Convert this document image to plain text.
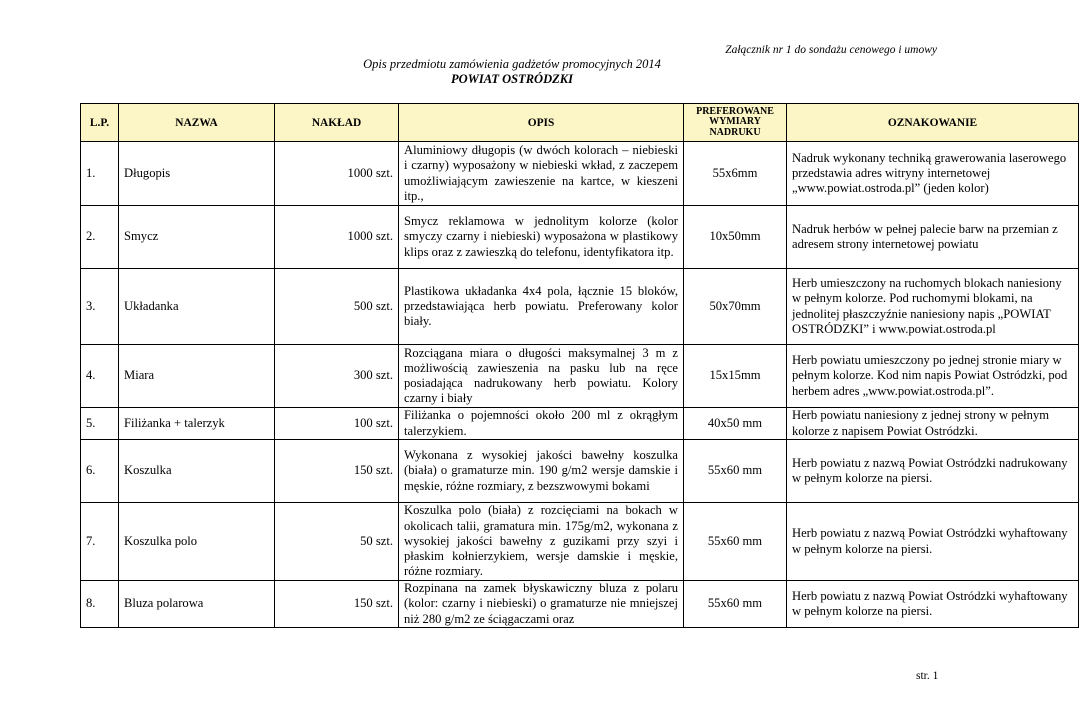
Załącznik nr 1 do sondażu cenowego i umowy
Opis przedmiotu zamówienia gadżetów promocyjnych 2014
POWIAT OSTRÓDZKI
L.P.	NAZWA	NAKŁAD	OPIS	PREFEROWANE WYMIARY NADRUKU	OZNAKOWANIE
1.	Długopis	1000 szt.	Aluminiowy długopis (w dwóch kolorach – niebieski i czarny) wyposażony w niebieski wkład, z zaczepem umożliwiającym zawieszenie na kartce, w kieszeni itp.,	55x6mm	Nadruk wykonany techniką grawerowania laserowego przedstawia adres witryny internetowej „www.powiat.ostroda.pl” (jeden kolor)
2.	Smycz	1000 szt.	Smycz reklamowa w jednolitym kolorze (kolor smyczy czarny i niebieski) wyposażona w plastikowy klips oraz z zawieszką do telefonu, identyfikatora itp.	10x50mm	Nadruk herbów w pełnej palecie barw na przemian z adresem strony internetowej powiatu
3.	Układanka	500 szt.	Plastikowa układanka 4x4 pola, łącznie 15 bloków, przedstawiająca herb powiatu. Preferowany kolor biały.	50x70mm	Herb umieszczony na ruchomych blokach naniesiony w pełnym kolorze. Pod ruchomymi blokami, na jednolitej płaszczyźnie naniesiony napis „POWIAT OSTRÓDZKI” i www.powiat.ostroda.pl
4.	Miara	300 szt.	Rozciągana miara o długości maksymalnej 3 m z możliwością zawieszenia na pasku lub na ręce posiadająca nadrukowany herb powiatu. Kolory czarny i biały	15x15mm	Herb powiatu umieszczony po jednej stronie miary w pełnym kolorze. Kod nim napis Powiat Ostródzki, pod herbem adres „www.powiat.ostroda.pl”.
5.	Filiżanka + talerzyk	100 szt.	Filiżanka o pojemności około 200 ml z okrągłym talerzykiem.	40x50 mm	Herb powiatu naniesiony z jednej strony w pełnym kolorze z napisem Powiat Ostródzki.
6.	Koszulka	150 szt.	Wykonana z wysokiej jakości bawełny koszulka (biała) o gramaturze min. 190 g/m2 wersje damskie i męskie, różne rozmiary, z bezszwowymi bokami	55x60 mm	Herb powiatu z nazwą Powiat Ostródzki nadrukowany w pełnym kolorze na piersi.
7.	Koszulka polo	50 szt.	Koszulka polo (biała) z rozcięciami na bokach w okolicach talii, gramatura min. 175g/m2, wykonana z wysokiej jakości bawełny z guzikami przy szyi i płaskim kołnierzykiem, wersje damskie i męskie, różne rozmiary.	55x60 mm	Herb powiatu z nazwą Powiat Ostródzki wyhaftowany w pełnym kolorze na piersi.
8.	Bluza polarowa	150 szt.	Rozpinana na zamek błyskawiczny bluza z polaru (kolor: czarny i niebieski) o gramaturze nie mniejszej niż 280 g/m2 ze ściągaczami oraz	55x60 mm	Herb powiatu z nazwą Powiat Ostródzki wyhaftowany w pełnym kolorze na piersi.
str. 1
